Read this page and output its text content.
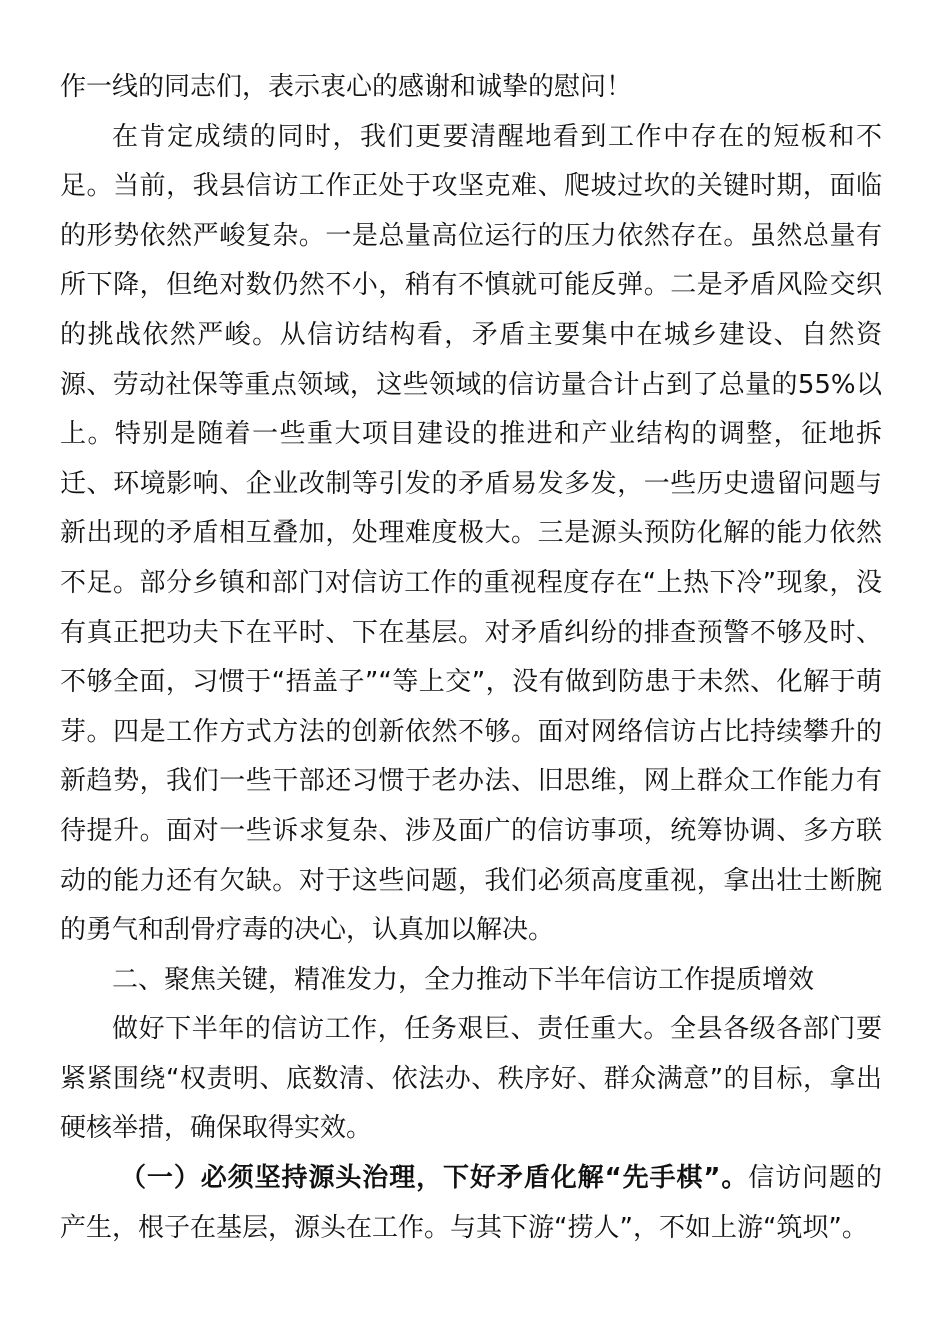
作一线的同志们，表示衷心的感谢和诚挚的慰问！

在肯定成绩的同时，我们更要清醒地看到工作中存在的短板和不足。当前，我县信访工作正处于攻坚克难、爬坡过坎的关键时期，面临的形势依然严峻复杂。一是总量高位运行的压力依然存在。虽然总量有所下降，但绝对数仍然不小，稍有不慎就可能反弹。二是矛盾风险交织的挑战依然严峻。从信访结构看，矛盾主要集中在城乡建设、自然资源、劳动社保等重点领域，这些领域的信访量合计占到了总量的55%以上。特别是随着一些重大项目建设的推进和产业结构的调整，征地拆迁、环境影响、企业改制等引发的矛盾易发多发，一些历史遗留问题与新出现的矛盾相互叠加，处理难度极大。三是源头预防化解的能力依然不足。部分乡镇和部门对信访工作的重视程度存在“上热下冷”现象，没有真正把功夫下在平时、下在基层。对矛盾纠纷的排查预警不够及时、不够全面，习惯于“捂盖子”“等上交”，没有做到防患于未然、化解于萌芽。四是工作方式方法的创新依然不够。面对网络信访占比持续攀升的新趋势，我们一些干部还习惯于老办法、旧思维，网上群众工作能力有待提升。面对一些诉求复杂、涉及面广的信访事项，统筹协调、多方联动的能力还有欠缺。对于这些问题，我们必须高度重视，拿出壮士断腕的勇气和刮骨疗毒的决心，认真加以解决。

二、聚焦关键，精准发力，全力推动下半年信访工作提质增效

做好下半年的信访工作，任务艰巨、责任重大。全县各级各部门要紧紧围绕“权责明、底数清、依法办、秩序好、群众满意”的目标，拿出硬核举措，确保取得实效。

（一）必须坚持源头治理，下好矛盾化解“先手棋”。信访问题的产生，根子在基层，源头在工作。与其下游“捞人”，不如上游“筑坝”。
